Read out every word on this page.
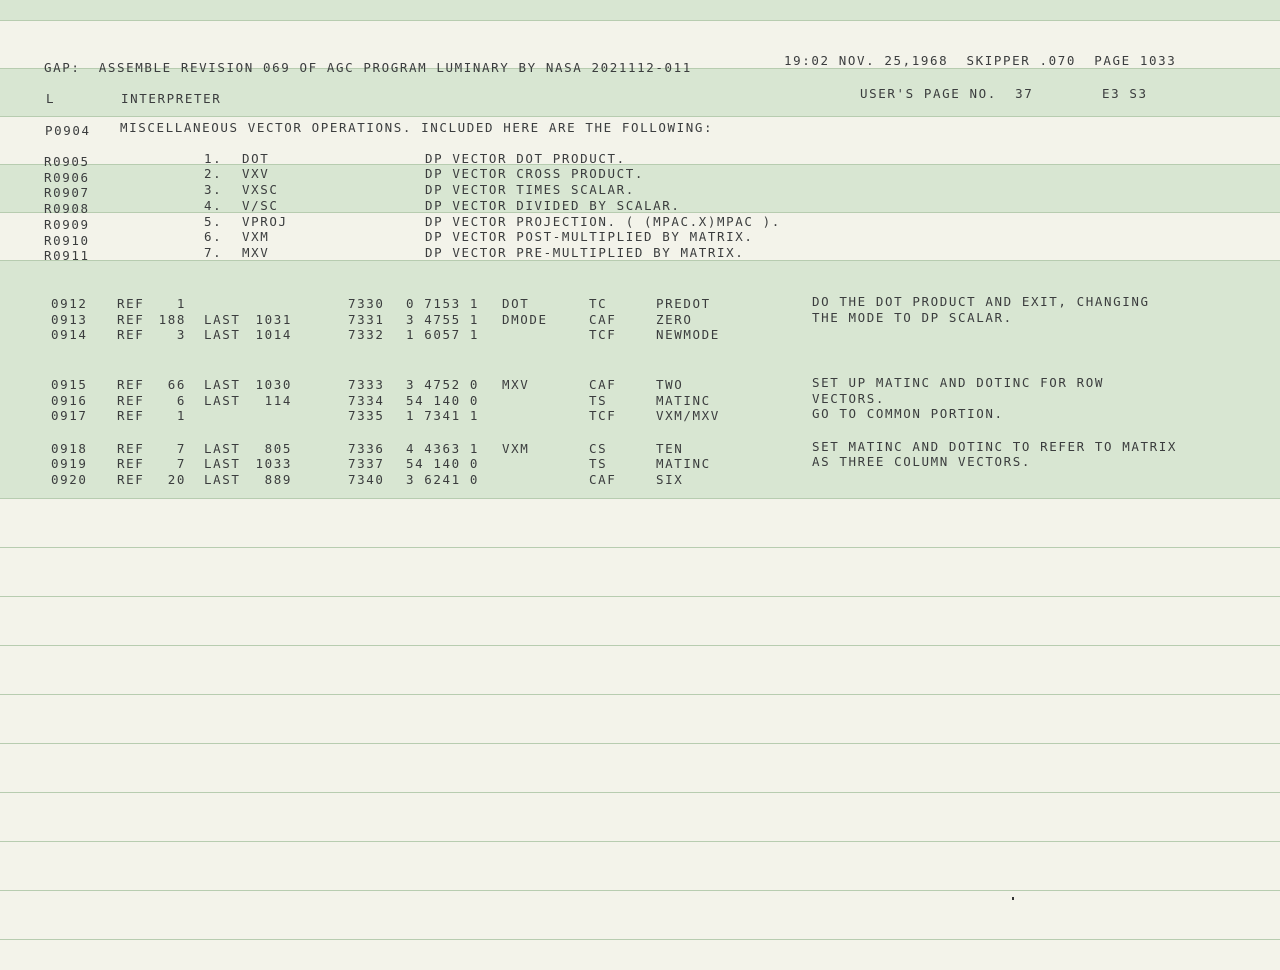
GAP:  ASSEMBLE REVISION 069 OF AGC PROGRAM LUMINARY BY NASA 2021112-011	19:02 NOV. 25,1968  SKIPPER .070  PAGE 1033
L	INTERPRETER	USER'S PAGE NO.  37	E3 S3
P0904 MISCELLANEOUS VECTOR OPERATIONS. INCLUDED HERE ARE THE FOLLOWING:
R0905	1. DOT	DP VECTOR DOT PRODUCT.
R0906	2. VXV	DP VECTOR CROSS PRODUCT.
R0907	3. VXSC	DP VECTOR TIMES SCALAR.
R0908	4. V/SC	DP VECTOR DIVIDED BY SCALAR.
R0909	5. VPROJ	DP VECTOR PROJECTION. ( (MPAC.X)MPAC ).
R0910	6. VXM	DP VECTOR POST-MULTIPLIED BY MATRIX.
R0911	7. MXV	DP VECTOR PRE-MULTIPLIED BY MATRIX.
0912 REF	1	7330 0 7153 1 DOT	TC	PREDOT	DO THE DOT PRODUCT AND EXIT, CHANGING
0913 REF	188 LAST	1031	7331 3 4755 1 DMODE	CAF	ZERO	THE MODE TO DP SCALAR.
0914 REF	3 LAST	1014	7332 1 6057 1	TCF	NEWMODE
0915 REF	66 LAST	1030	7333 3 4752 0 MXV	CAF	TWO	SET UP MATINC AND DOTINC FOR ROW
0916 REF	6 LAST	114	7334 54 140 0	TS	MATINC	VECTORS.
0917 REF	1	7335 1 7341 1	TCF	VXM/MXV	GO TO COMMON PORTION.
0918 REF	7 LAST	805	7336 4 4363 1 VXM	CS	TEN	SET MATINC AND DOTINC TO REFER TO MATRIX
0919 REF	7 LAST	1033	7337 54 140 0	TS	MATINC	AS THREE COLUMN VECTORS.
0920 REF	20 LAST	889	7340 3 6241 0	CAF	SIX
